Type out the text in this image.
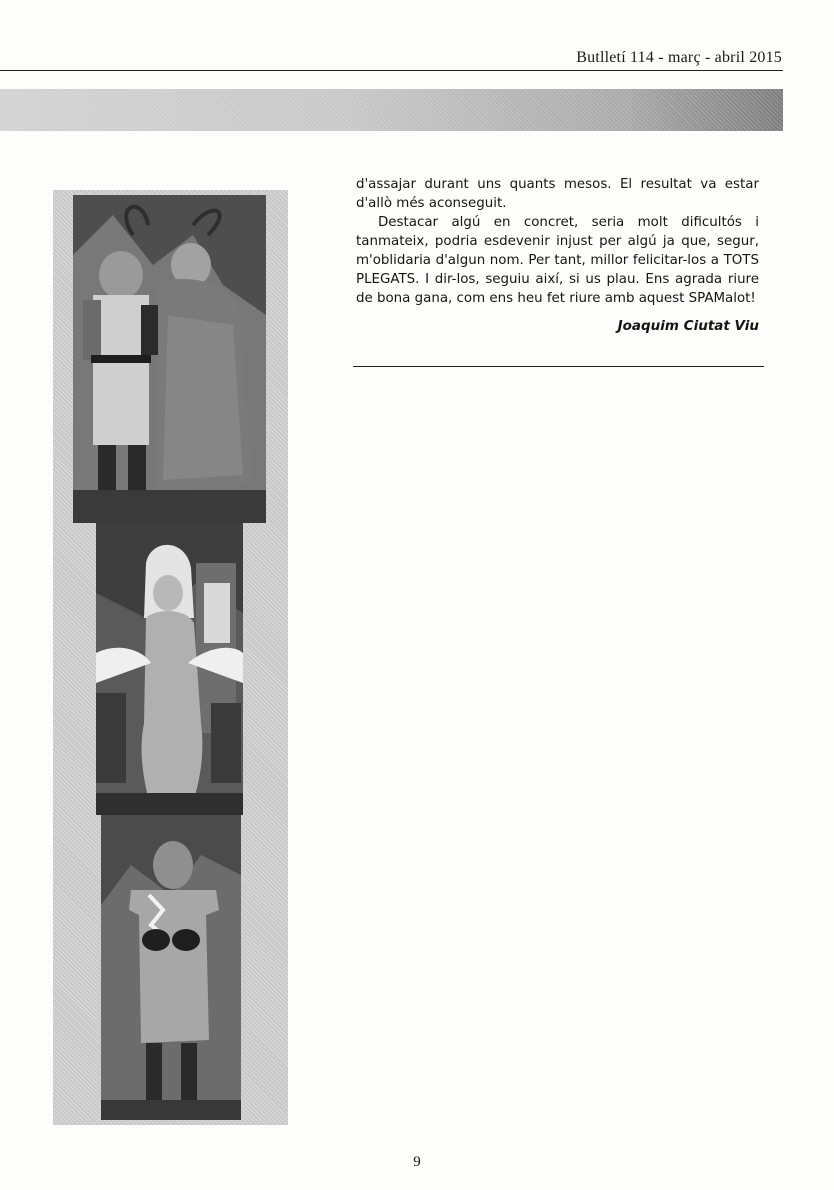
Butlletí 114 - març - abril 2015

d'assajar durant uns quants mesos. El resultat va estar d'allò més aconseguit.

Destacar algú en concret, seria molt dificultós i tanmateix, podria esdevenir injust per algú ja que, segur, m'oblidaria d'algun nom. Per tant, millor felicitar-los a TOTS PLEGATS. I dir-los, seguiu així, si us plau. Ens agrada riure de bona gana, com ens heu fet riure amb aquest SPAMalot!

Joaquim Ciutat Viu
9
